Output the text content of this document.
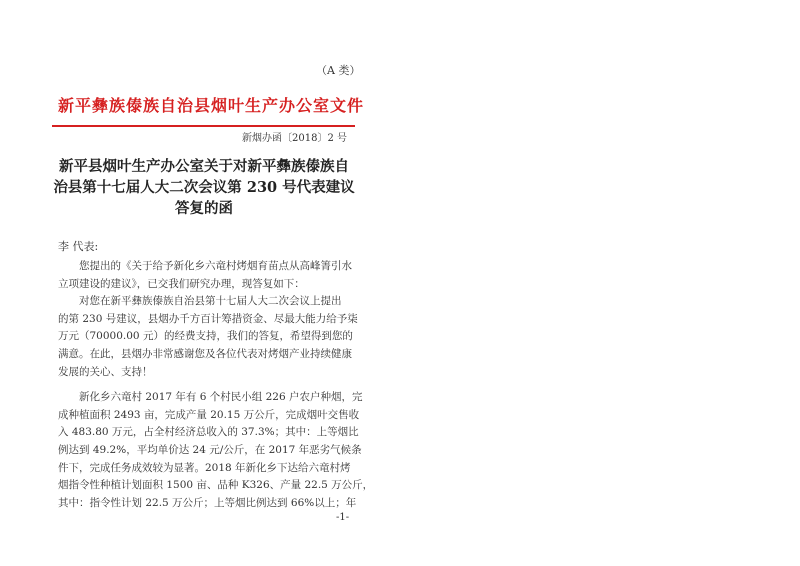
（A 类）
新平彝族傣族自治县烟叶生产办公室文件
新烟办函〔2018〕2 号
新平县烟叶生产办公室关于对新平彝族傣族自
治县第十七届人大二次会议第 230 号代表建议
答复的函
李 代表:
您提出的《关于给予新化乡六竜村烤烟育苗点从高峰箐引水
立项建设的建议》，已交我们研究办理，现答复如下：
对您在新平彝族傣族自治县第十七届人大二次会议上提出
的第 230 号建议，县烟办千方百计筹措资金、尽最大能力给予柒
万元（70000.00 元）的经费支持，我们的答复，希望得到您的
满意。在此，县烟办非常感谢您及各位代表对烤烟产业持续健康
发展的关心、支持！
新化乡六竜村 2017 年有 6 个村民小组 226 户农户种烟，完
成种植面积 2493 亩，完成产量 20.15 万公斤，完成烟叶交售收
入 483.80 万元，占全村经济总收入的 37.3%；其中：上等烟比
例达到 49.2%，平均单价达 24 元/公斤，在 2017 年恶劣气候条
件下，完成任务成效较为显著。2018 年新化乡下达给六竜村烤
烟指令性种植计划面积 1500 亩、品种 K326、产量 22.5 万公斤，
其中：指令性计划 22.5 万公斤；上等烟比例达到 66%以上；年
-1-
